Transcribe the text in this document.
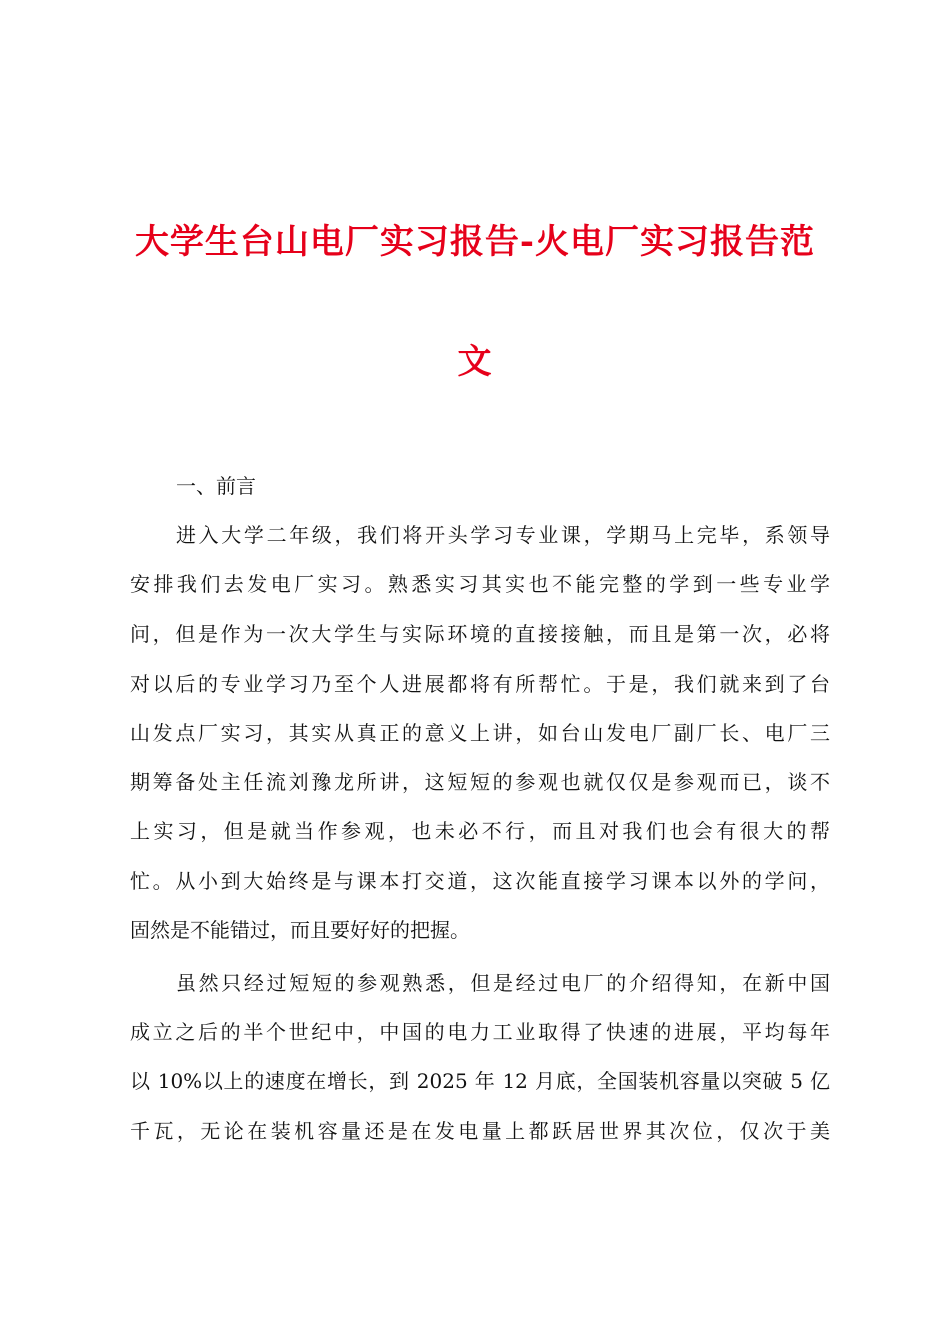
大学生台山电厂实习报告-火电厂实习报告范
文
一、前言
进入大学二年级，我们将开头学习专业课，学期马上完毕，系领导
安排我们去发电厂实习。熟悉实习其实也不能完整的学到一些专业学
问，但是作为一次大学生与实际环境的直接接触，而且是第一次，必将
对以后的专业学习乃至个人进展都将有所帮忙。于是，我们就来到了台
山发点厂实习，其实从真正的意义上讲，如台山发电厂副厂长、电厂三
期筹备处主任流刘豫龙所讲，这短短的参观也就仅仅是参观而已，谈不
上实习，但是就当作参观，也未必不行，而且对我们也会有很大的帮
忙。从小到大始终是与课本打交道，这次能直接学习课本以外的学问，
固然是不能错过，而且要好好的把握。
虽然只经过短短的参观熟悉，但是经过电厂的介绍得知，在新中国
成立之后的半个世纪中，中国的电力工业取得了快速的进展，平均每年
以 10%以上的速度在增长，到 2025 年 12 月底，全国装机容量以突破 5 亿
千瓦，无论在装机容量还是在发电量上都跃居世界其次位，仅次于美
